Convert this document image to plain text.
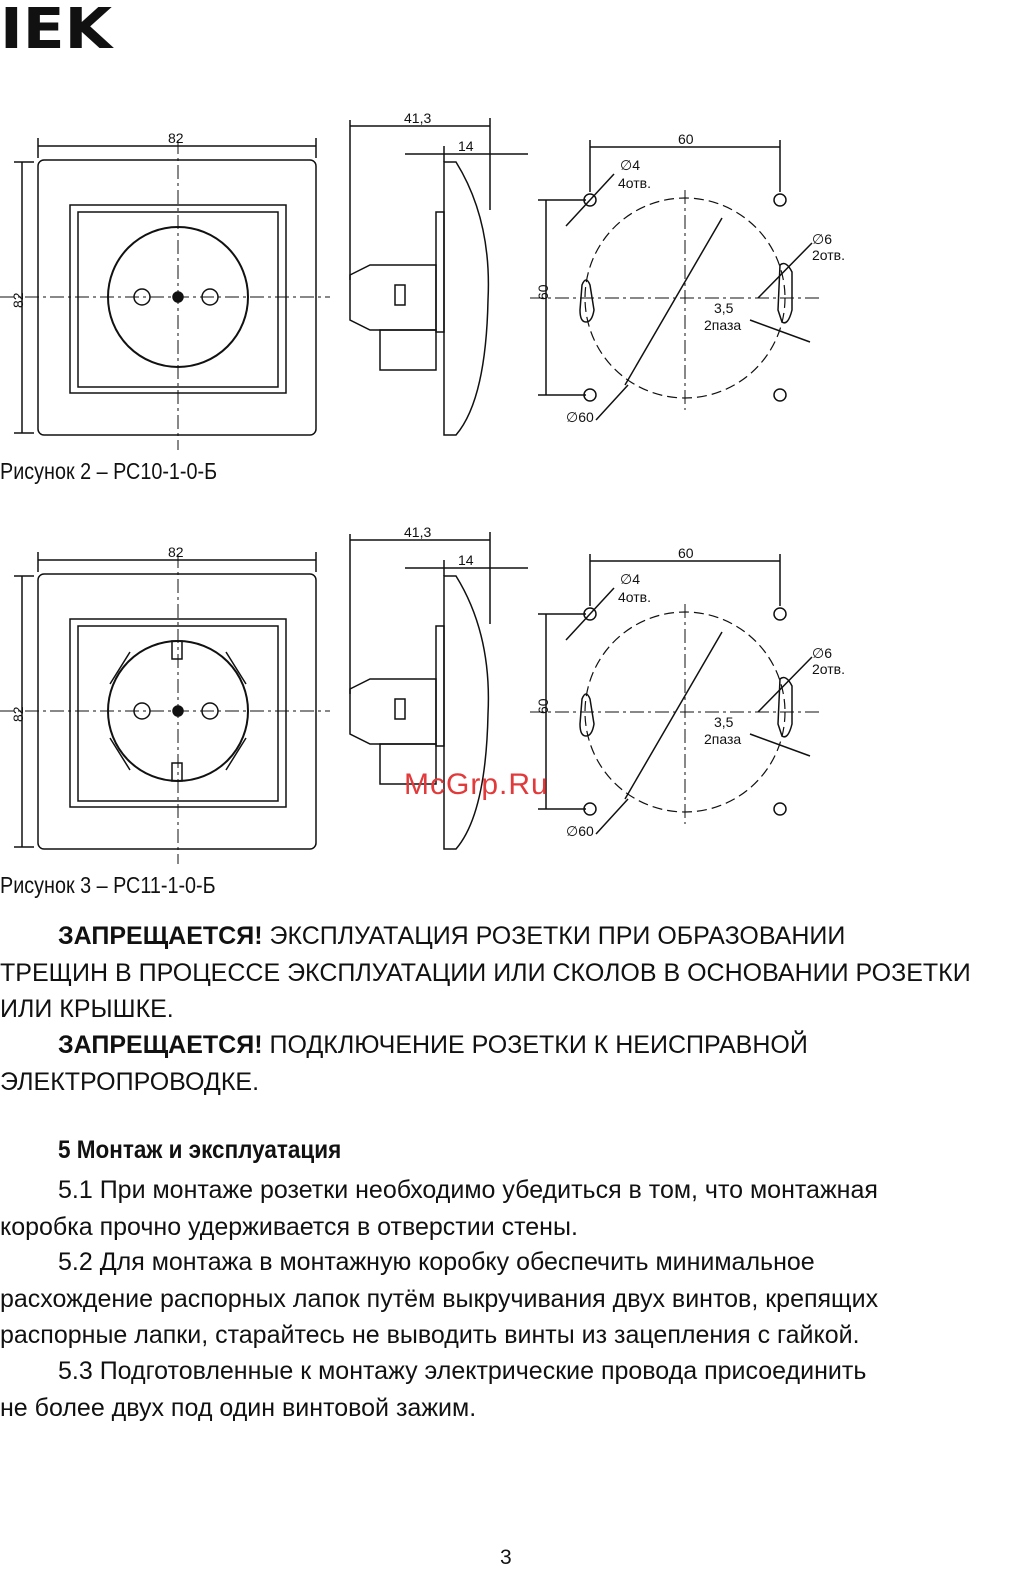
IEK
82
82
41,3
14	60
60
∅4
4отв.
∅60
∅6
2отв.
3,5
2паза
Рисунок 2 – РС10-1-0-Б
82
82
41,3
14	60
60
∅4
4отв.
∅60
∅6
2отв.
3,5
2паза
Рисунок 3 – РС11-1-0-Б
McGrp.Ru
ЗАПРЕЩАЕТСЯ! ЭКСПЛУАТАЦИЯ РОЗЕТКИ ПРИ ОБРАЗОВАНИИ
ТРЕЩИН В ПРОЦЕССЕ ЭКСПЛУАТАЦИИ ИЛИ СКОЛОВ В ОСНОВАНИИ РОЗЕТКИ ИЛИ КРЫШКЕ.
ЗАПРЕЩАЕТСЯ! ПОДКЛЮЧЕНИЕ РОЗЕТКИ К НЕИСПРАВНОЙ
ЭЛЕКТРОПРОВОДКЕ.
5 Монтаж и эксплуатация
5.1 При монтаже розетки необходимо убедиться в том, что монтажная
коробка прочно удерживается в отверстии стены.
5.2 Для монтажа в монтажную коробку обеспечить минимальное
расхождение распорных лапок путём выкручивания двух винтов, крепящих распорные лапки, старайтесь не выводить винты из зацепления с гайкой.
5.3 Подготовленные к монтажу электрические провода присоединить
не более двух под один винтовой зажим.
3
